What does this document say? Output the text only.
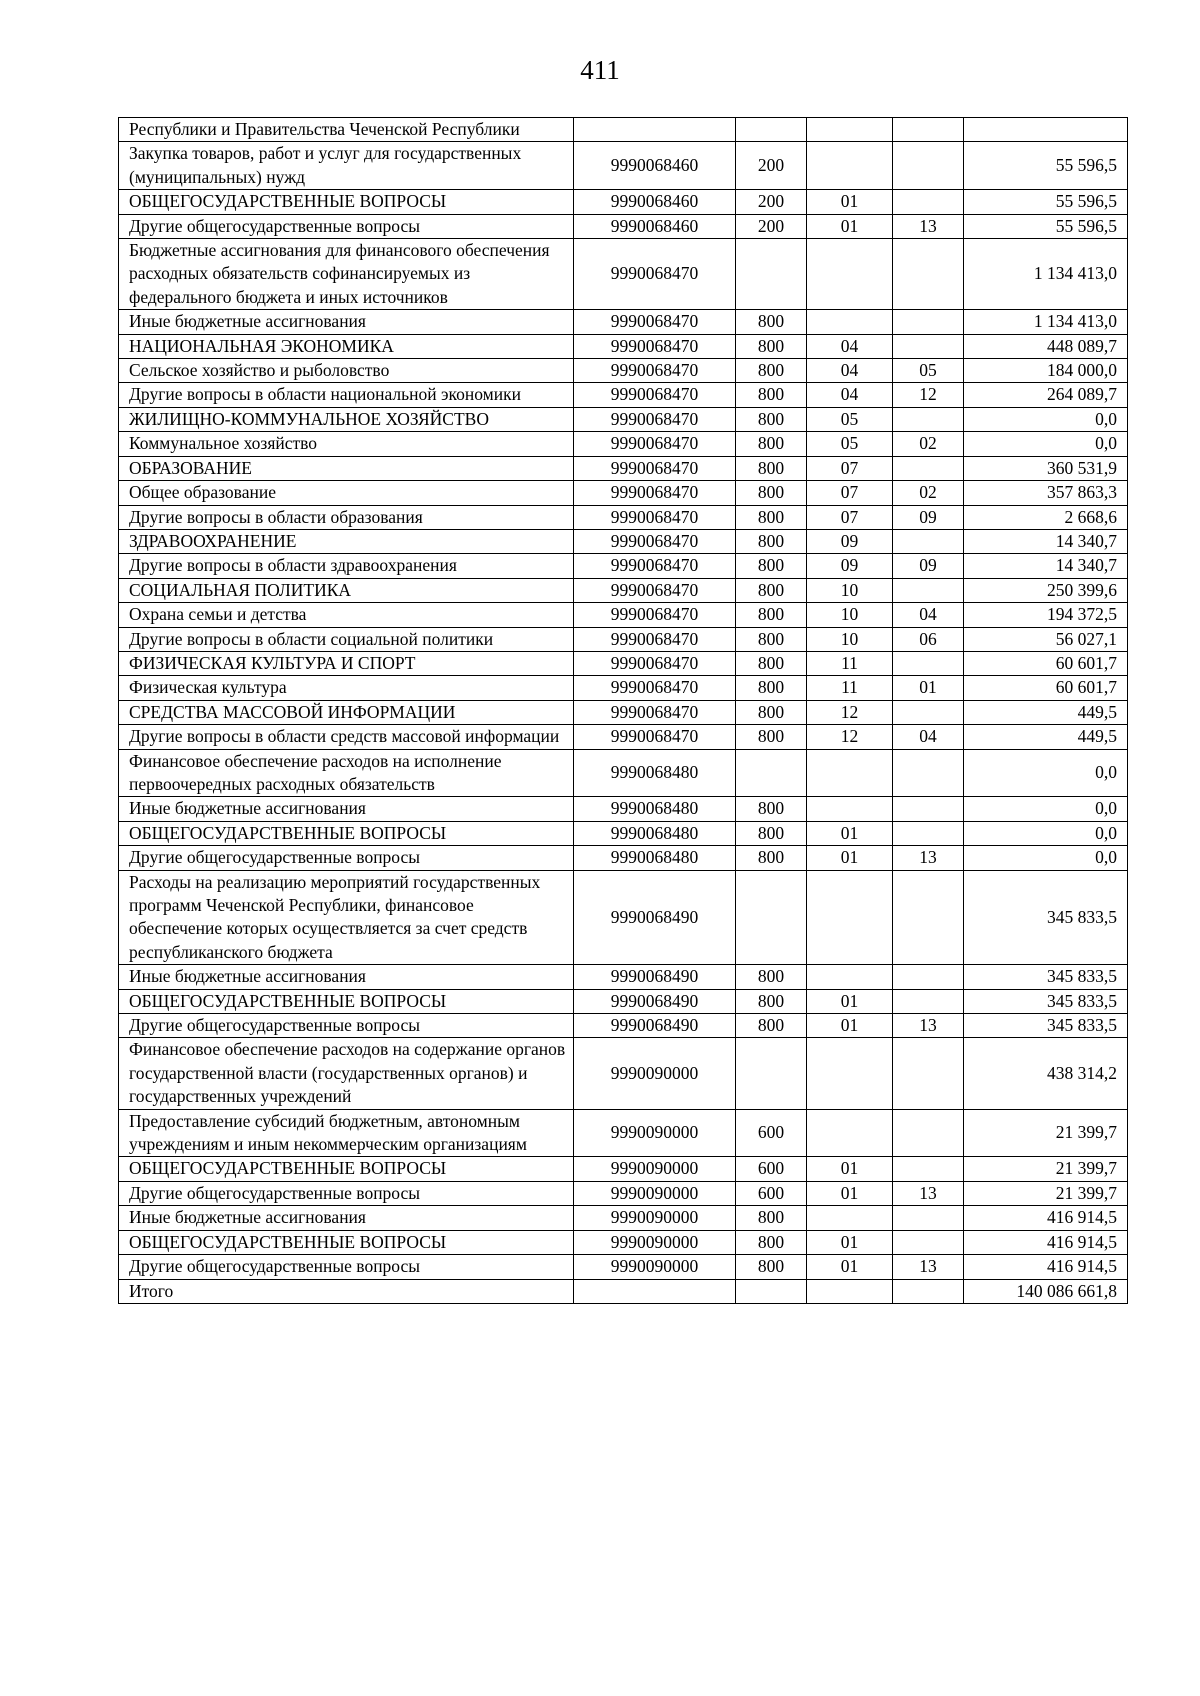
411
Республики и Правительства Чеченской Республики					
Закупка товаров, работ и услуг для государственных (муниципальных) нужд	9990068460	200			55 596,5
ОБЩЕГОСУДАРСТВЕННЫЕ ВОПРОСЫ	9990068460	200	01		55 596,5
Другие общегосударственные вопросы	9990068460	200	01	13	55 596,5
Бюджетные ассигнования для финансового обеспечения расходных обязательств софинансируемых из федерального бюджета и иных источников	9990068470				1 134 413,0
Иные бюджетные ассигнования	9990068470	800			1 134 413,0
НАЦИОНАЛЬНАЯ ЭКОНОМИКА	9990068470	800	04		448 089,7
Сельское хозяйство и рыболовство	9990068470	800	04	05	184 000,0
Другие вопросы в области национальной экономики	9990068470	800	04	12	264 089,7
ЖИЛИЩНО-КОММУНАЛЬНОЕ ХОЗЯЙСТВО	9990068470	800	05		0,0
Коммунальное хозяйство	9990068470	800	05	02	0,0
ОБРАЗОВАНИЕ	9990068470	800	07		360 531,9
Общее образование	9990068470	800	07	02	357 863,3
Другие вопросы в области образования	9990068470	800	07	09	2 668,6
ЗДРАВООХРАНЕНИЕ	9990068470	800	09		14 340,7
Другие вопросы в области здравоохранения	9990068470	800	09	09	14 340,7
СОЦИАЛЬНАЯ ПОЛИТИКА	9990068470	800	10		250 399,6
Охрана семьи и детства	9990068470	800	10	04	194 372,5
Другие вопросы в области социальной политики	9990068470	800	10	06	56 027,1
ФИЗИЧЕСКАЯ КУЛЬТУРА И СПОРТ	9990068470	800	11		60 601,7
Физическая культура	9990068470	800	11	01	60 601,7
СРЕДСТВА МАССОВОЙ ИНФОРМАЦИИ	9990068470	800	12		449,5
Другие вопросы в области средств массовой информации	9990068470	800	12	04	449,5
Финансовое обеспечение расходов на исполнение первоочередных расходных обязательств	9990068480				0,0
Иные бюджетные ассигнования	9990068480	800			0,0
ОБЩЕГОСУДАРСТВЕННЫЕ ВОПРОСЫ	9990068480	800	01		0,0
Другие общегосударственные вопросы	9990068480	800	01	13	0,0
Расходы на реализацию мероприятий государственных программ Чеченской Республики, финансовое обеспечение которых осуществляется за счет средств республиканского бюджета	9990068490				345 833,5
Иные бюджетные ассигнования	9990068490	800			345 833,5
ОБЩЕГОСУДАРСТВЕННЫЕ ВОПРОСЫ	9990068490	800	01		345 833,5
Другие общегосударственные вопросы	9990068490	800	01	13	345 833,5
Финансовое обеспечение расходов на содержание органов государственной власти (государственных органов) и государственных учреждений	9990090000				438 314,2
Предоставление субсидий бюджетным, автономным учреждениям и иным некоммерческим организациям	9990090000	600			21 399,7
ОБЩЕГОСУДАРСТВЕННЫЕ ВОПРОСЫ	9990090000	600	01		21 399,7
Другие общегосударственные вопросы	9990090000	600	01	13	21 399,7
Иные бюджетные ассигнования	9990090000	800			416 914,5
ОБЩЕГОСУДАРСТВЕННЫЕ ВОПРОСЫ	9990090000	800	01		416 914,5
Другие общегосударственные вопросы	9990090000	800	01	13	416 914,5
Итого					140 086 661,8
